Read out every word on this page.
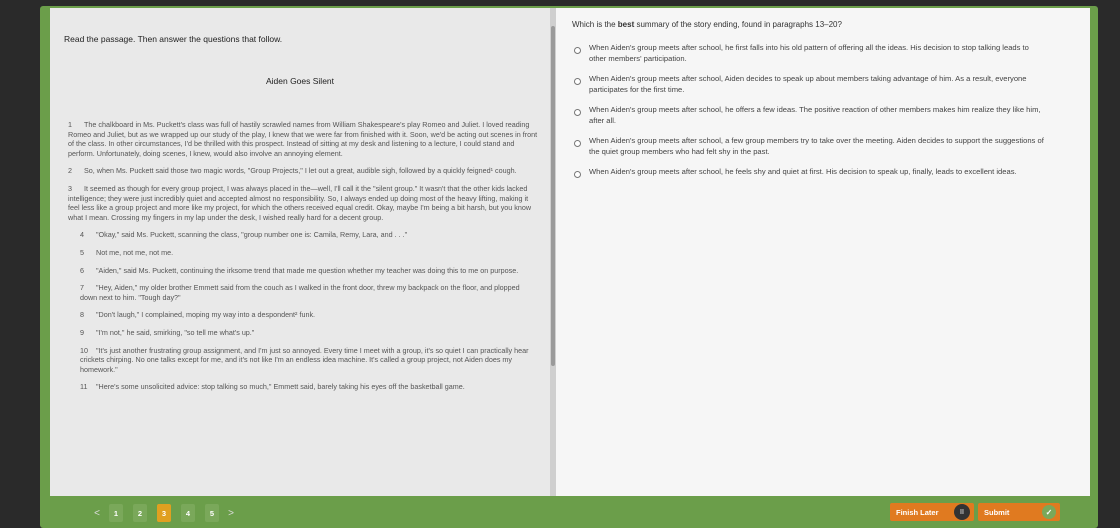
Read the passage. Then answer the questions that follow.
Aiden Goes Silent
1 The chalkboard in Ms. Puckett's class was full of hastily scrawled names from William Shakespeare's play Romeo and Juliet. I loved reading Romeo and Juliet, but as we wrapped up our study of the play, I knew that we were far from finished with it. Soon, we'd be acting out scenes in front of the class. In other circumstances, I'd be thrilled with this prospect. Instead of sitting at my desk and listening to a lecture, I could stand and perform. Unfortunately, doing scenes, I knew, would also involve an annoying element.
2 So, when Ms. Puckett said those two magic words, "Group Projects," I let out a great, audible sigh, followed by a quickly feigned¹ cough.
3 It seemed as though for every group project, I was always placed in the—well, I'll call it the "silent group." It wasn't that the other kids lacked intelligence; they were just incredibly quiet and accepted almost no responsibility. So, I always ended up doing most of the heavy lifting, making it feel less like a group project and more like my project, for which the others received equal credit. Okay, maybe I'm being a bit harsh, but you know what I mean. Crossing my fingers in my lap under the desk, I wished really hard for a decent group.
4 "Okay," said Ms. Puckett, scanning the class, "group number one is: Camila, Remy, Lara, and . . ."
5 Not me, not me, not me.
6 "Aiden," said Ms. Puckett, continuing the irksome trend that made me question whether my teacher was doing this to me on purpose.
7 "Hey, Aiden," my older brother Emmett said from the couch as I walked in the front door, threw my backpack on the floor, and plopped down next to him. "Tough day?"
8 "Don't laugh," I complained, moping my way into a despondent² funk.
9 "I'm not," he said, smirking, "so tell me what's up."
10 "It's just another frustrating group assignment, and I'm just so annoyed. Every time I meet with a group, it's so quiet I can practically hear crickets chirping. No one talks except for me, and it's not like I'm an endless idea machine. It's called a group project, not Aiden does my homework."
11 "Here's some unsolicited advice: stop talking so much," Emmett said, barely taking his eyes off the basketball game.
Which is the best summary of the story ending, found in paragraphs 13–20?
When Aiden's group meets after school, he first falls into his old pattern of offering all the ideas. His decision to stop talking leads to other members' participation.
When Aiden's group meets after school, Aiden decides to speak up about members taking advantage of him. As a result, everyone participates for the first time.
When Aiden's group meets after school, he offers a few ideas. The positive reaction of other members makes him realize they like him, after all.
When Aiden's group meets after school, a few group members try to take over the meeting. Aiden decides to support the suggestions of the quiet group members who had felt shy in the past.
When Aiden's group meets after school, he feels shy and quiet at first. His decision to speak up, finally, leads to excellent ideas.
<	1	2	3	4	5	>	Finish Later	II	Submit	✓
